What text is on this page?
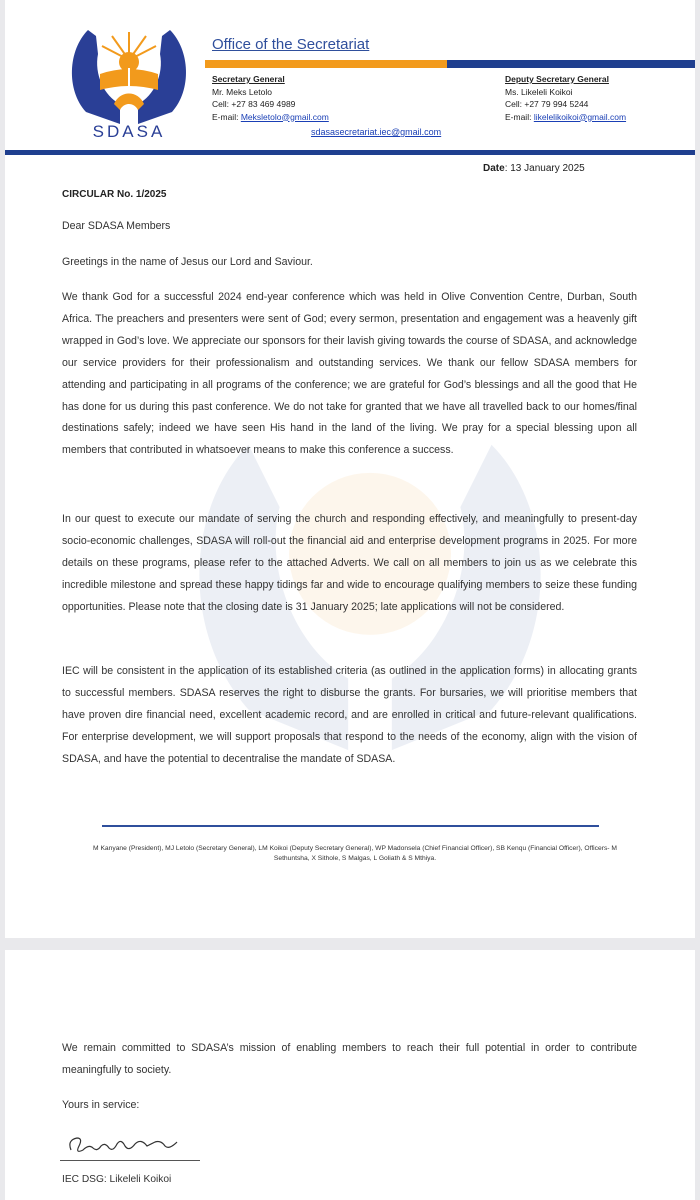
SDASA
Office of the Secretariat
Secretary General
Mr. Meks Letolo
Cell: +27 83 469 4989
E-mail: Meksletolo@gmail.com
Deputy Secretary General
Ms. Likeleli Koikoi
Cell: +27 79 994 5244
E-mail: likelelikoikoi@gmail.com
sdasasecretariat.iec@gmail.com
Date: 13 January 2025
CIRCULAR No. 1/2025
Dear SDASA Members
Greetings in the name of Jesus our Lord and Saviour.
We thank God for a successful 2024 end-year conference which was held in Olive Convention Centre, Durban, South Africa. The preachers and presenters were sent of God; every sermon, presentation and engagement was a heavenly gift wrapped in God’s love. We appreciate our sponsors for their lavish giving towards the course of SDASA, and acknowledge our service providers for their professionalism and outstanding services. We thank our fellow SDASA members for attending and participating in all programs of the conference; we are grateful for God’s blessings and all the good that He has done for us during this past conference. We do not take for granted that we have all travelled back to our homes/final destinations safely; indeed we have seen His hand in the land of the living. We pray for a special blessing upon all members that contributed in whatsoever means to make this conference a success.
In our quest to execute our mandate of serving the church and responding effectively, and meaningfully to present-day socio-economic challenges, SDASA will roll-out the financial aid and enterprise development programs in 2025. For more details on these programs, please refer to the attached Adverts. We call on all members to join us as we celebrate this incredible milestone and spread these happy tidings far and wide to encourage qualifying members to seize these funding opportunities. Please note that the closing date is 31 January 2025; late applications will not be considered.
IEC will be consistent in the application of its established criteria (as outlined in the application forms) in allocating grants to successful members. SDASA reserves the right to disburse the grants. For bursaries, we will prioritise members that have proven dire financial need, excellent academic record, and are enrolled in critical and future-relevant qualifications. For enterprise development, we will support proposals that respond to the needs of the economy, align with the vision of SDASA, and have the potential to decentralise the mandate of SDASA.
M Kanyane (President), MJ Letolo (Secretary General), LM Koikoi (Deputy Secretary General), WP Madonsela (Chief Financial Officer), SB Kenqu (Financial Officer), Officers- M Sethuntsha, X Sithole, S Malgas, L Goliath & S Mthiya.
We remain committed to SDASA’s mission of enabling members to reach their full potential in order to contribute meaningfully to society.
Yours in service:
IEC DSG: Likeleli Koikoi
